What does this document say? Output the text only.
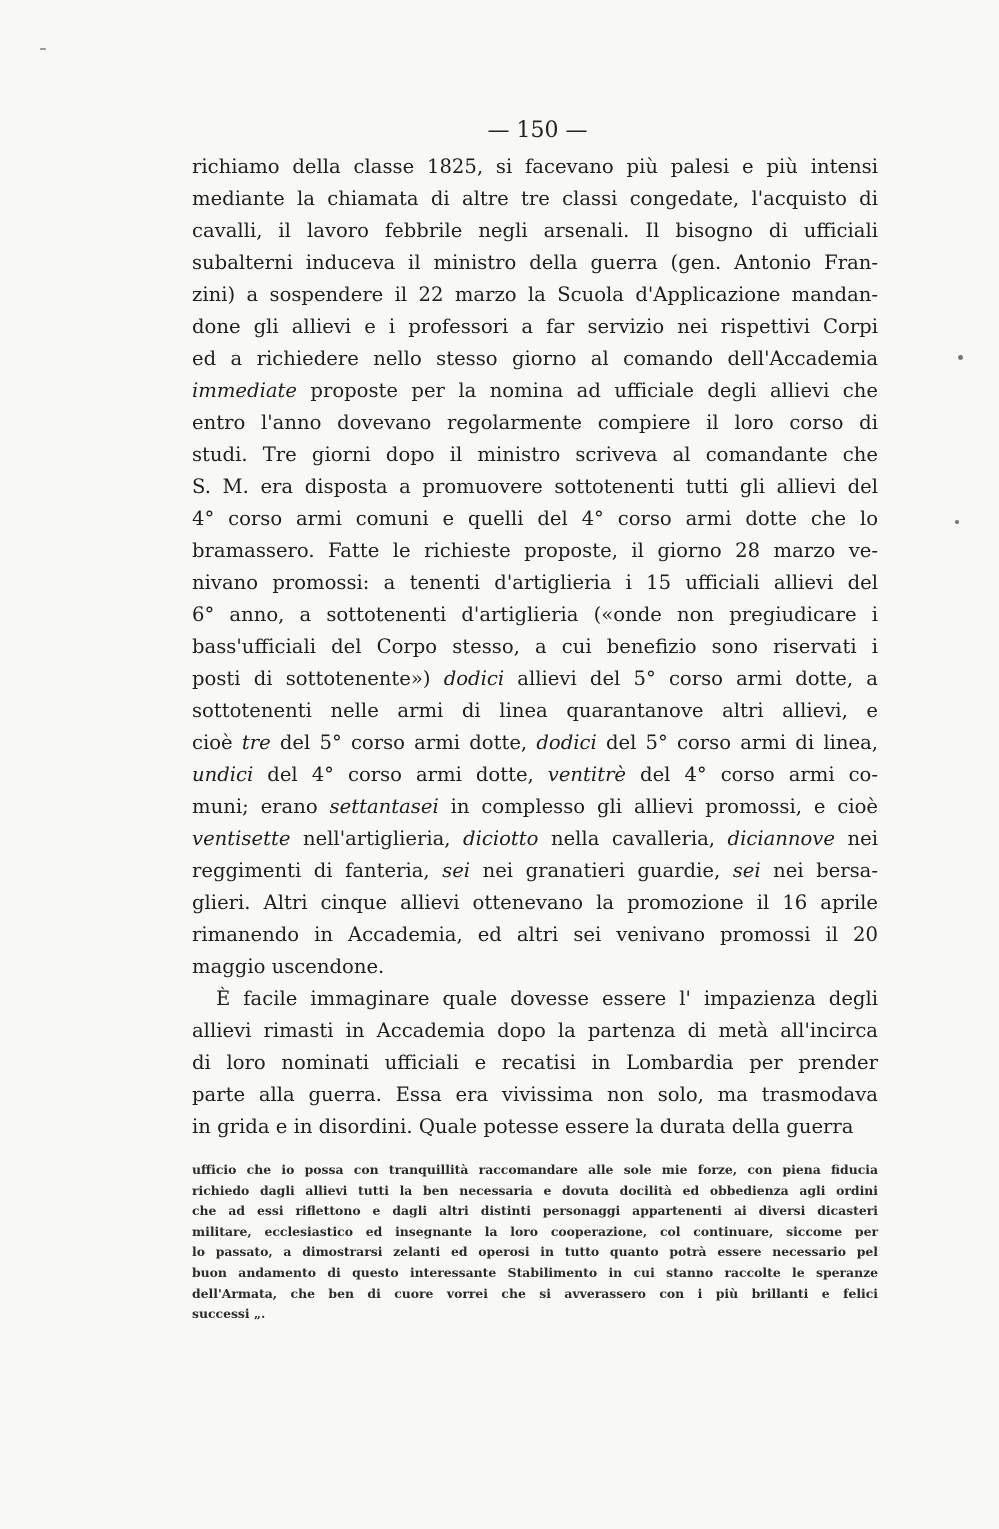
— 150 —
richiamo della classe 1825, si facevano più palesi e più intensi
mediante la chiamata di altre tre classi congedate, l'acquisto di
cavalli, il lavoro febbrile negli arsenali. Il bisogno di ufficiali
subalterni induceva il ministro della guerra (gen. Antonio Fran-
zini) a sospendere il 22 marzo la Scuola d'Applicazione mandan-
done gli allievi e i professori a far servizio nei rispettivi Corpi
ed a richiedere nello stesso giorno al comando dell'Accademia
immediate proposte per la nomina ad ufficiale degli allievi che
entro l'anno dovevano regolarmente compiere il loro corso di
studi. Tre giorni dopo il ministro scriveva al comandante che
S. M. era disposta a promuovere sottotenenti tutti gli allievi del
4° corso armi comuni e quelli del 4° corso armi dotte che lo
bramassero. Fatte le richieste proposte, il giorno 28 marzo ve-
nivano promossi: a tenenti d'artiglieria i 15 ufficiali allievi del
6° anno, a sottotenenti d'artiglieria («onde non pregiudicare i
bass'ufficiali del Corpo stesso, a cui benefizio sono riservati i
posti di sottotenente») dodici allievi del 5° corso armi dotte, a
sottotenenti nelle armi di linea quarantanove altri allievi, e
cioè tre del 5° corso armi dotte, dodici del 5° corso armi di linea,
undici del 4° corso armi dotte, ventitrè del 4° corso armi co-
muni; erano settantasei in complesso gli allievi promossi, e cioè
ventisette nell'artiglieria, diciotto nella cavalleria, diciannove nei
reggimenti di fanteria, sei nei granatieri guardie, sei nei bersa-
glieri. Altri cinque allievi ottenevano la promozione il 16 aprile
rimanendo in Accademia, ed altri sei venivano promossi il 20
maggio uscendone.
È facile immaginare quale dovesse essere l' impazienza degli
allievi rimasti in Accademia dopo la partenza di metà all'incirca
di loro nominati ufficiali e recatisi in Lombardia per prender
parte alla guerra. Essa era vivissima non solo, ma trasmodava
in grida e in disordini. Quale potesse essere la durata della guerra
ufficio che io possa con tranquillità raccomandare alle sole mie forze, con piena fiducia
richiedo dagli allievi tutti la ben necessaria e dovuta docilità ed obbedienza agli ordini
che ad essi riflettono e dagli altri distinti personaggi appartenenti ai diversi dicasteri
militare, ecclesiastico ed insegnante la loro cooperazione, col continuare, siccome per
lo passato, a dimostrarsi zelanti ed operosi in tutto quanto potrà essere necessario pel
buon andamento di questo interessante Stabilimento in cui stanno raccolte le speranze
dell'Armata, che ben di cuore vorrei che si avverassero con i più brillanti e felici
successi „.
